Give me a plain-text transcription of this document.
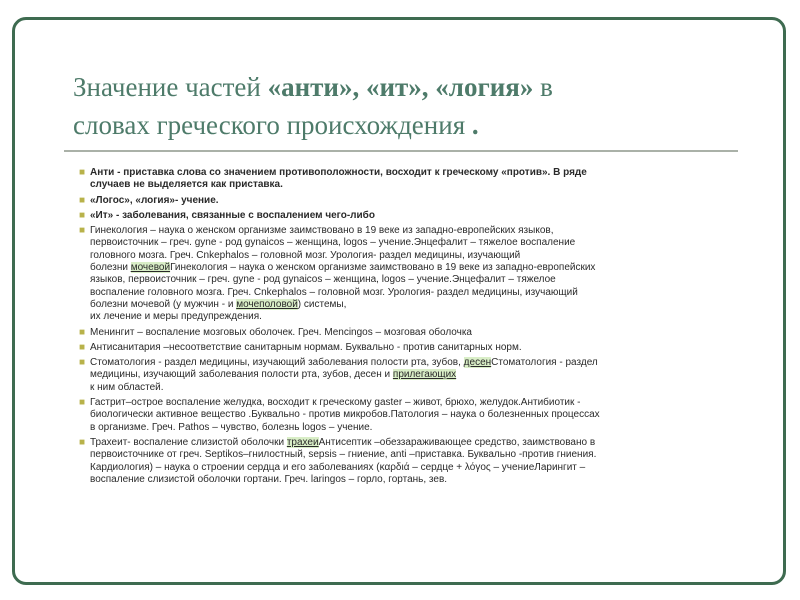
Значение частей «анти», «ит», «логия» в
словах греческого происхождения .

■ Анти - приставка слова со значением противоположности, восходит к греческому «против». В ряде
случаев не выделяется как приставка.

■ «Логос», «логия»- учение.

■ «Ит» - заболевания, связанные с воспалением чего-либо

■ Гинекология – наука о женском организме заимствовано в 19 веке из западно-европейских языков,
первоисточник – греч. gyne - род gynaicos – женщина, logos – учение.Энцефалит – тяжелое воспаление
головного мозга. Греч. Cnkephalos – головной мозг. Урология- раздел медицины, изучающий
болезни мочевойГинекология – наука о женском организме заимствовано в 19 веке из западно-европейских
языков, первоисточник – греч. gyne - род gynaicos – женщина, logos – учение.Энцефалит – тяжелое
воспаление головного мозга. Греч. Cnkephalos – головной мозг. Урология- раздел медицины, изучающий
болезни мочевой (у мужчин - и мочеполовой) системы,
их лечение и меры предупреждения.

■ Менингит – воспаление мозговых оболочек. Греч. Mencingos – мозговая оболочка

■ Антисанитария –несоответствие санитарным нормам. Буквально - против санитарных норм.

■ Стоматология - раздел медицины, изучающий заболевания полости рта, зубов, десенСтоматология - раздел
медицины, изучающий заболевания полости рта, зубов, десен и прилегающих
к ним областей.

■ Гастрит–острое воспаление желудка, восходит к греческому gaster – живот, брюхо, желудок.Антибиотик -
биологически активное вещество .Буквально - против микробов.Патология – наука о болезненных процессах
в организме. Греч. Pathos – чувство, болезнь logos – учение.

■ Трахеит- воспаление слизистой оболочки трахеиАнтисептик –обеззараживающее средство, заимствовано в
первоисточнике от греч. Septikos–гнилостный, sepsis – гниение, anti –приставка. Буквально -против гниения.
Кардиология) – наука о строении сердца и его заболеваниях (καρδιά – сердце + λόγος – учениеЛарингит –
воспаление слизистой оболочки гортани. Греч. laringos – горло, гортань, зев.
